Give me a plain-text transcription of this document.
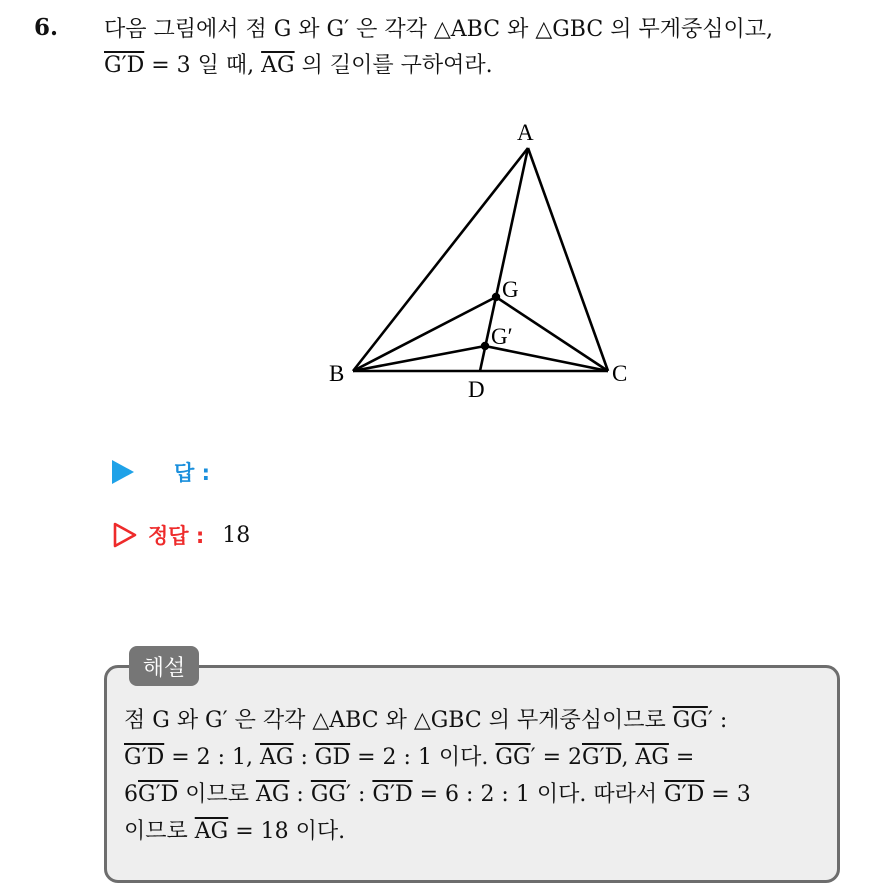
6. 다음 그림에서 점 G 와 G′ 은 각각 △ABC 와 △GBC 의 무게중심이고,
G′D = 3 일 때, $\overline{AG}$ 의 길이를 구하여라.
A
B	C
D
G
G′
답 :
정답 : 18
해설
점 G 와 G′ 은 각각 △ABC 와 △GBC 의 무게중심이므로 $\overline{GG}'$ :
G′D = 2 : 1, $\overline{AG}$ : $\overline{GD} = 2$ : 1 이다. $\overline{GG}' = 2G'D$, $\overline{AG}$ =
6G′D 이므로 $\overline{AG}$ : $\overline{GG}'$ : G′D = 6 : 2 : 1 이다. 따라서 G′D = 3
이므로 $\overline{AG} = 18$ 이다.
